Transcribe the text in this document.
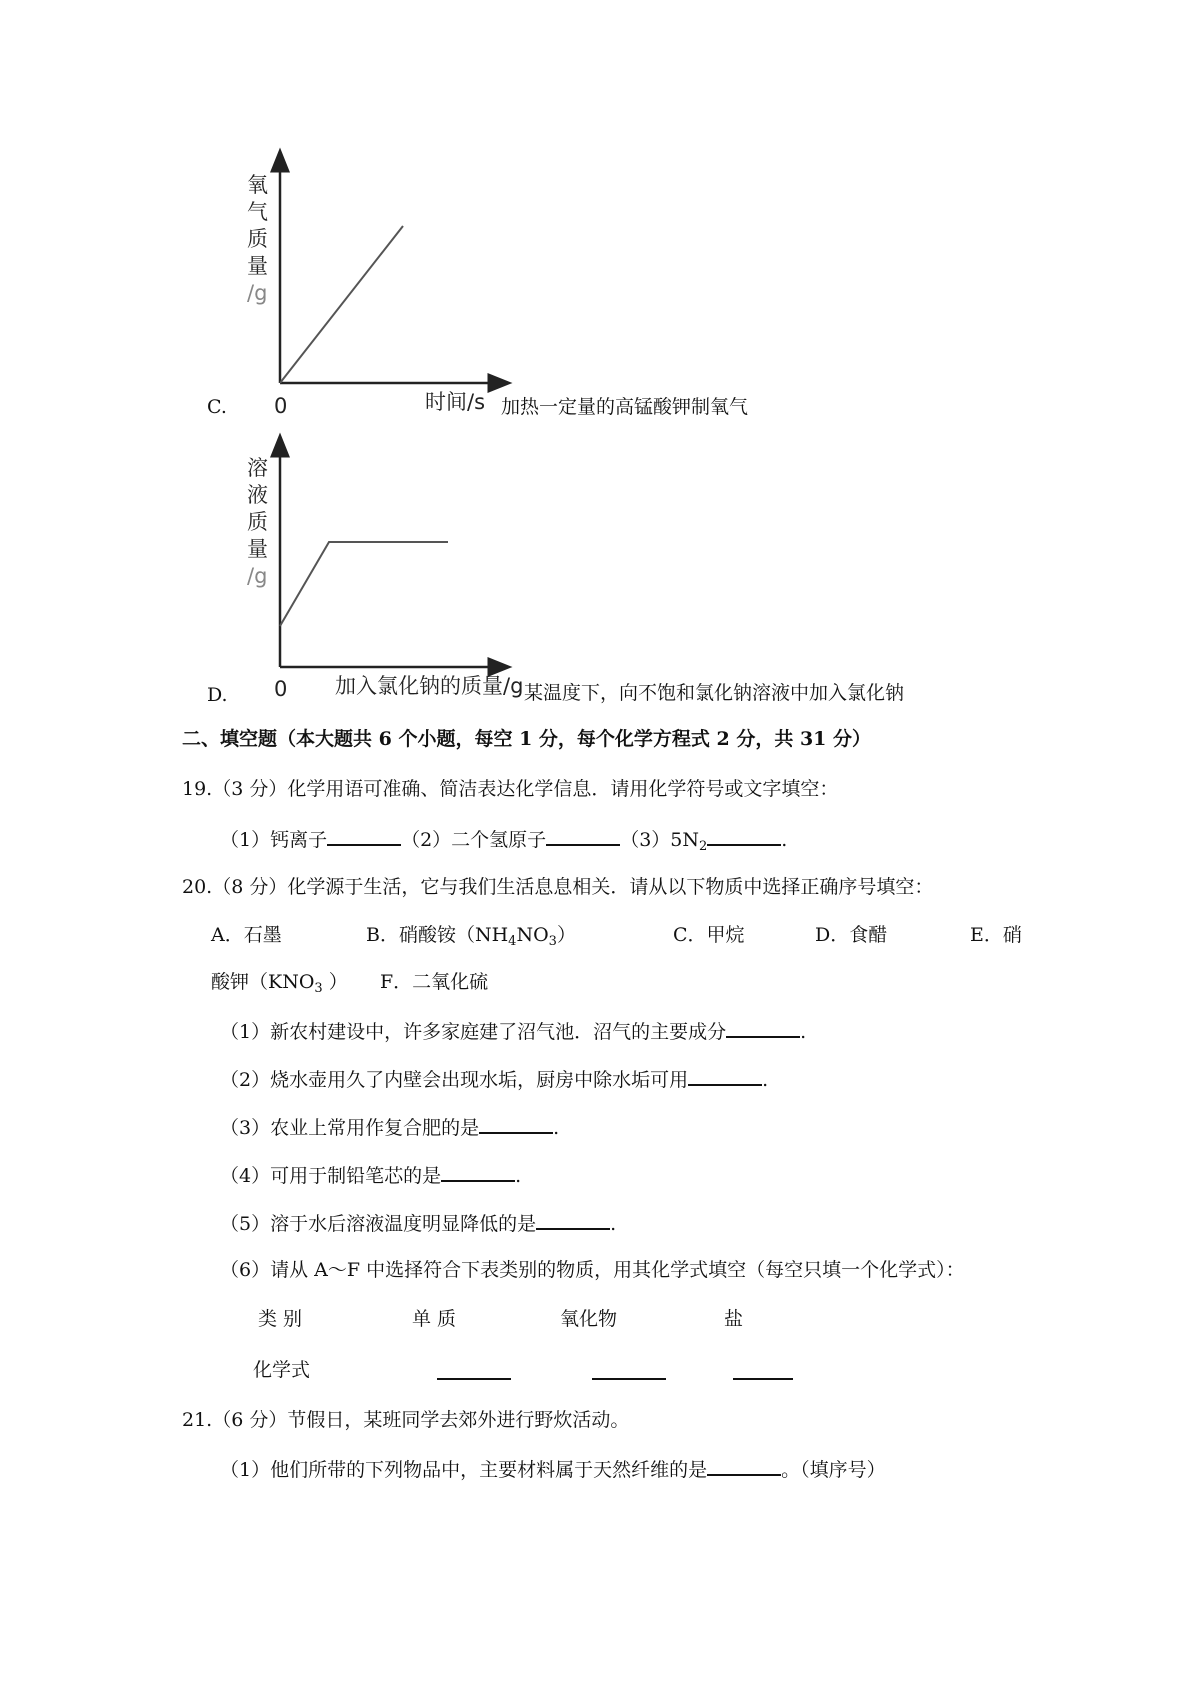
氧
气
质
量
/g
C. 0	时间/s 加热一定量的高锰酸钾制氧气
溶
液
质
量
/g
D. 0 加入氯化钠的质量/g 某温度下，向不饱和氯化钠溶液中加入氯化钠
二、填空题（本大题共 6 个小题，每空 1 分，每个化学方程式 2 分，共 31 分）
19.（3 分）化学用语可准确、简洁表达化学信息．请用化学符号或文字填空：
（1）钙离子	（2）二个氢原子	$(3)5N_2$	.
20.（8 分）化学源于生活，它与我们生活息息相关．请从以下物质中选择正确序号填空：
A．石墨	B．硝酸铵$(NH_4NO_3)$	C．甲烷	D．食醋	E．硝
酸钾（$KNO_3$ ） F．二氧化硫
（1）新农村建设中，许多家庭建了沼气池．沼气的主要成分	.
（2）烧水壶用久了内壁会出现水垢，厨房中除水垢可用	.
（3）农业上常用作复合肥的是	.
（4）可用于制铅笔芯的是	.
（5）溶于水后溶液温度明显降低的是	.
（6）请从 A～F 中选择符合下表类别的物质，用其化学式填空（每空只填一个化学式）：
类 别	单 质	氧化物	盐
化学式
21.（6 分）节假日，某班同学去郊外进行野炊活动。
（1）他们所带的下列物品中，主要材料属于天然纤维的是	。（填序号）
